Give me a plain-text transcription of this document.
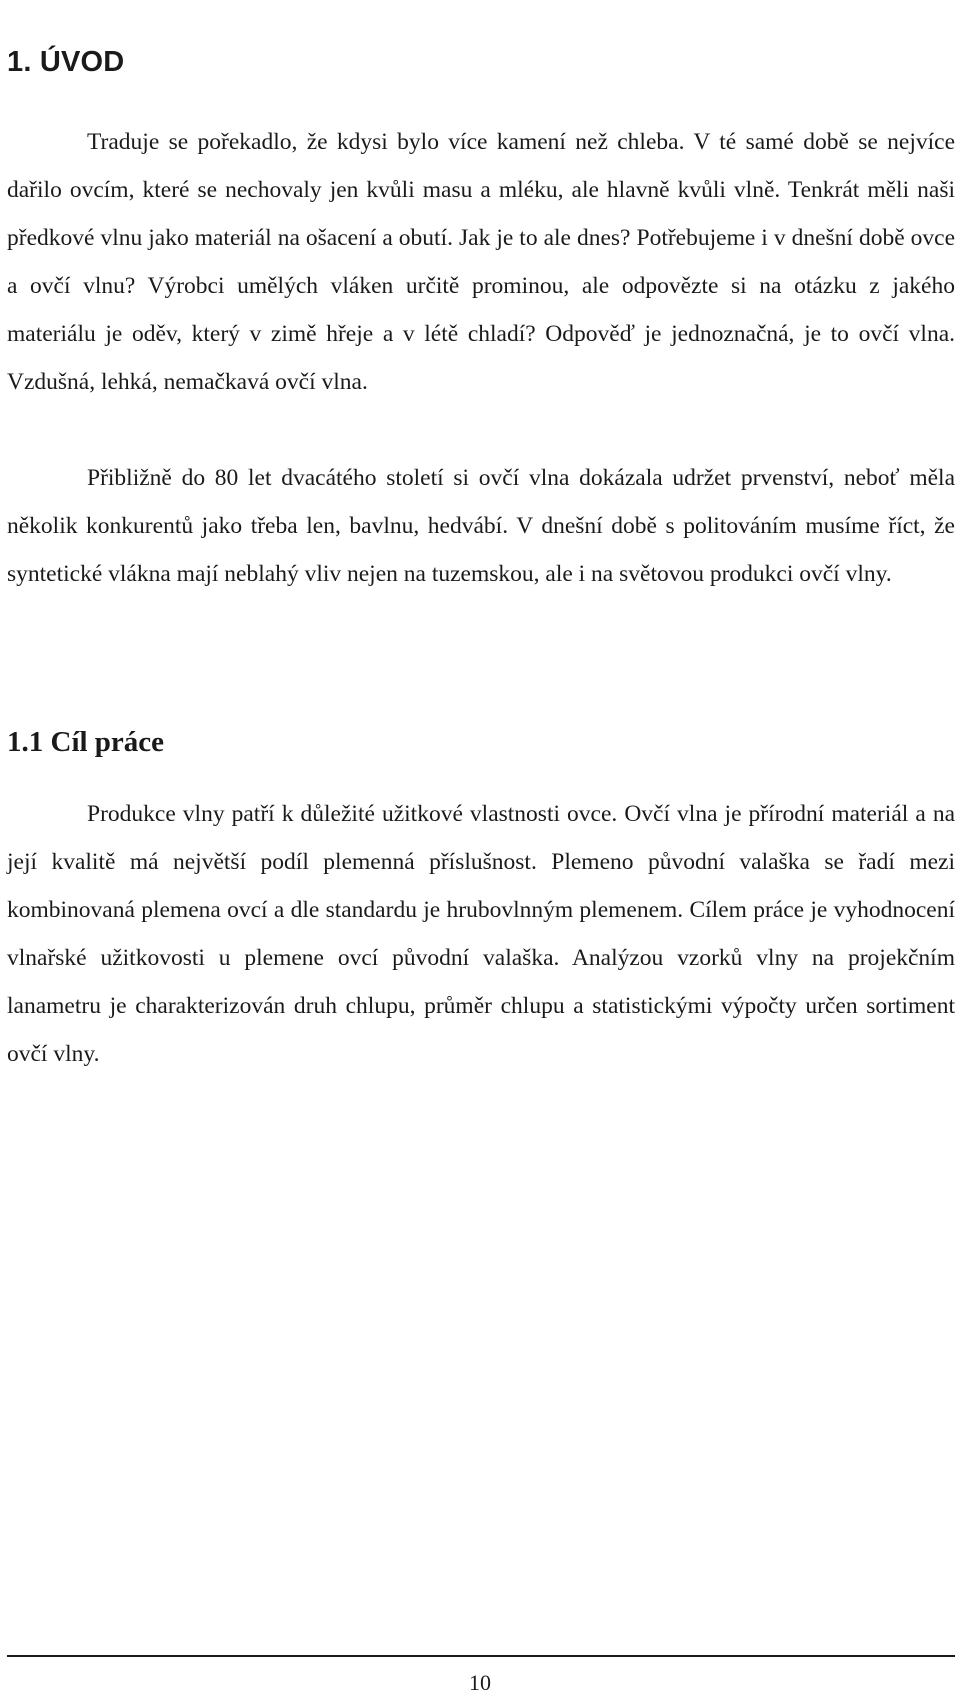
1. ÚVOD

Traduje se pořekadlo, že kdysi bylo více kamení než chleba. V té samé době se nejvíce dařilo ovcím, které se nechovaly jen kvůli masu a mléku, ale hlavně kvůli vlně. Tenkrát měli naši předkové vlnu jako materiál na ošacení a obutí. Jak je to ale dnes? Potřebujeme i v dnešní době ovce a ovčí vlnu? Výrobci umělých vláken určitě prominou, ale odpovězte si na otázku z jakého materiálu je oděv, který v zimě hřeje a v létě chladí? Odpověď je jednoznačná, je to ovčí vlna. Vzdušná, lehká, nemačkavá ovčí vlna.

Přibližně do 80 let dvacátého století si ovčí vlna dokázala udržet prvenství, neboť měla několik konkurentů jako třeba len, bavlnu, hedvábí. V dnešní době s politováním musíme říct, že syntetické vlákna mají neblahý vliv nejen na tuzemskou, ale i na světovou produkci ovčí vlny.

1.1 Cíl práce

Produkce vlny patří k důležité užitkové vlastnosti ovce. Ovčí vlna je přírodní materiál a na její kvalitě má největší podíl plemenná příslušnost. Plemeno původní valaška se řadí mezi kombinovaná plemena ovcí a dle standardu je hrubovlnným plemenem. Cílem práce je vyhodnocení vlnařské užitkovosti u plemene ovcí původní valaška. Analýzou vzorků vlny na projekčním lanametru je charakterizován druh chlupu, průměr chlupu a statistickými výpočty určen sortiment ovčí vlny.

10
